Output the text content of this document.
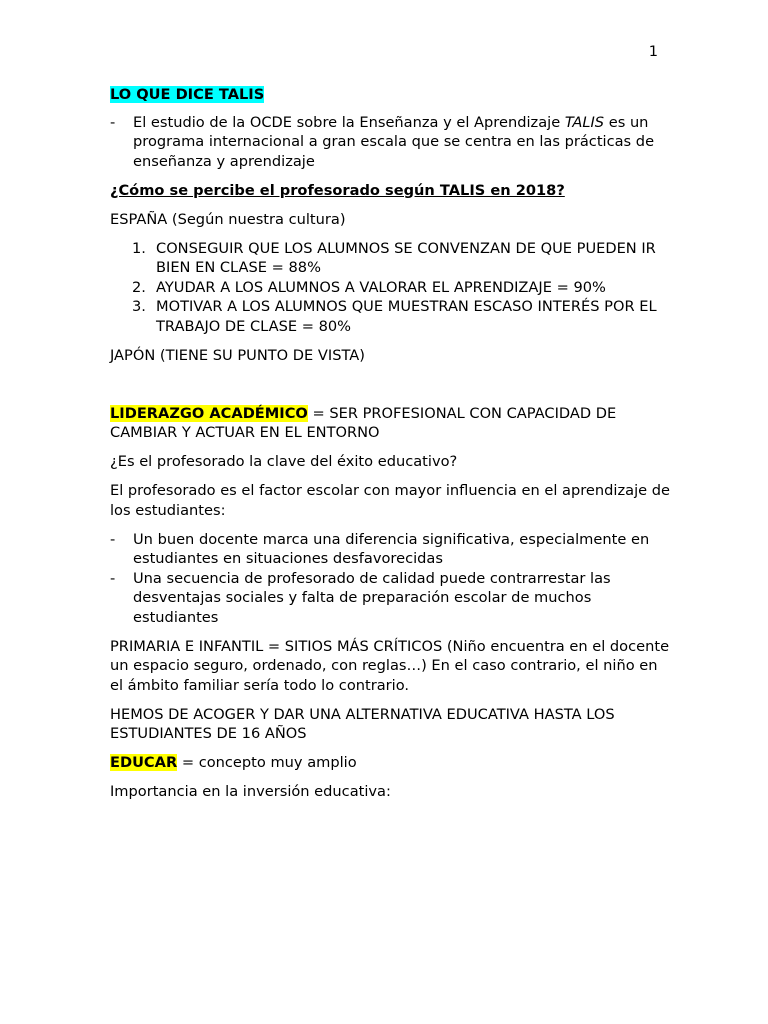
1

LO QUE DICE TALIS

- El estudio de la OCDE sobre la Enseñanza y el Aprendizaje TALIS es un programa internacional a gran escala que se centra en las prácticas de enseñanza y aprendizaje

¿Cómo se percibe el profesorado según TALIS en 2018?

ESPAÑA (Según nuestra cultura)

1. CONSEGUIR QUE LOS ALUMNOS SE CONVENZAN DE QUE PUEDEN IR BIEN EN CLASE = 88%
2. AYUDAR A LOS ALUMNOS A VALORAR EL APRENDIZAJE = 90%
3. MOTIVAR A LOS ALUMNOS QUE MUESTRAN ESCASO INTERÉS POR EL TRABAJO DE CLASE = 80%

JAPÓN (TIENE SU PUNTO DE VISTA)

LIDERAZGO ACADÉMICO = SER PROFESIONAL CON CAPACIDAD DE CAMBIAR Y ACTUAR EN EL ENTORNO

¿Es el profesorado la clave del éxito educativo?

El profesorado es el factor escolar con mayor influencia en el aprendizaje de los estudiantes:

- Un buen docente marca una diferencia significativa, especialmente en estudiantes en situaciones desfavorecidas
- Una secuencia de profesorado de calidad puede contrarrestar las desventajas sociales y falta de preparación escolar de muchos estudiantes

PRIMARIA E INFANTIL = SITIOS MÁS CRÍTICOS (Niño encuentra en el docente un espacio seguro, ordenado, con reglas…) En el caso contrario, el niño en el ámbito familiar sería todo lo contrario.

HEMOS DE ACOGER Y DAR UNA ALTERNATIVA EDUCATIVA HASTA LOS ESTUDIANTES DE 16 AÑOS

EDUCAR = concepto muy amplio

Importancia en la inversión educativa:
